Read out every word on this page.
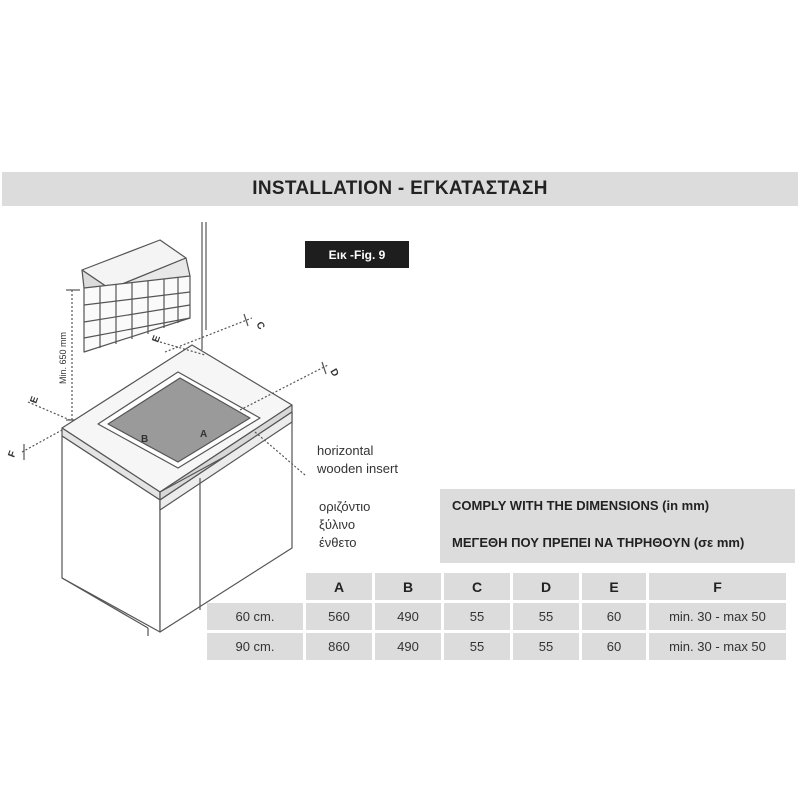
INSTALLATION - ΕΓΚΑΤΑΣΤΑΣΗ
Εικ -Fig. 9
A
B
C
D
E
E
F
Min. 650 mm
horizontal
wooden insert
οριζόντιο
ξύλινο
ένθετο
COMPLY WITH THE DIMENSIONS (in mm)
ΜΕΓΕΘΗ ΠΟΥ ΠΡΕΠΕΙ ΝΑ ΤΗΡΗΘΟΥΝ (σε mm)
	A	B	C	D	E	F
60 cm.	560	490	55	55	60	min. 30 - max 50
90 cm.	860	490	55	55	60	min. 30 - max 50
